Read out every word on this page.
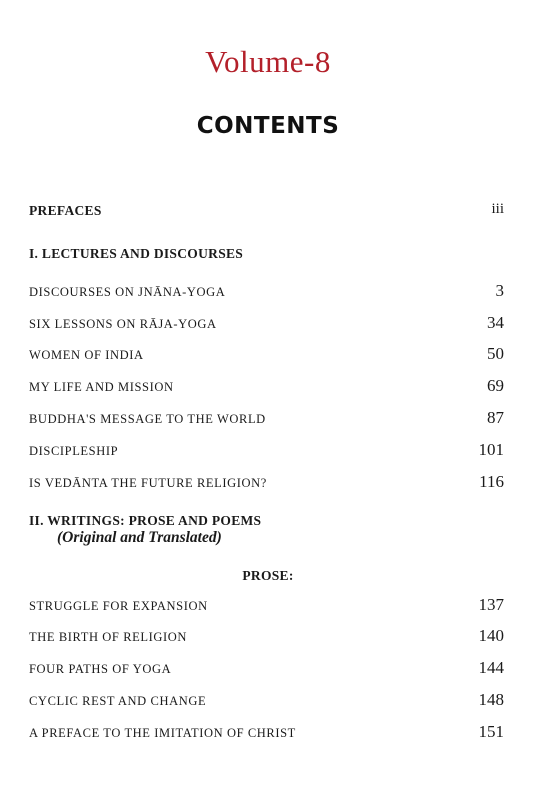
Volume-8
CONTENTS
PREFACES	iii
I. LECTURES AND DISCOURSES
DISCOURSES ON JNĀNA-YOGA	3
SIX LESSONS ON RĀJA-YOGA	34
WOMEN OF INDIA	50
MY LIFE AND MISSION	69
BUDDHA'S MESSAGE TO THE WORLD	87
DISCIPLESHIP	101
IS VEDĀNTA THE FUTURE RELIGION?	116
II. WRITINGS: PROSE AND POEMS
(Original and Translated)
PROSE:
STRUGGLE FOR EXPANSION	137
THE BIRTH OF RELIGION	140
FOUR PATHS OF YOGA	144
CYCLIC REST AND CHANGE	148
A PREFACE TO THE IMITATION OF CHRIST	151
